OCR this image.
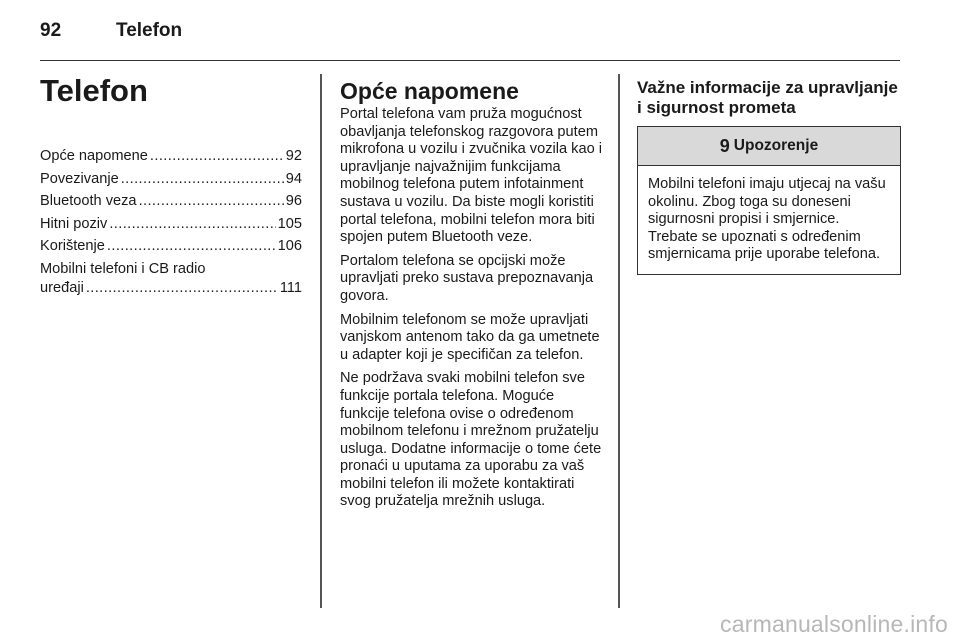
92	Telefon
Telefon
Opće napomene .....	92
Povezivanje .....	94
Bluetooth veza .....	96
Hitni poziv .....	105
Korištenje .....	106
Mobilni telefoni i CB radio
uređaji .....	111
Opće napomene

Portal telefona vam pruža mogućnost obavljanja telefonskog razgovora putem mikrofona u vozilu i zvučnika vozila kao i upravljanje najvažnijim funkcijama mobilnog telefona putem infotainment sustava u vozilu. Da biste mogli koristiti portal telefona, mobilni telefon mora biti spojen putem Bluetooth veze.

Portalom telefona se opcijski može upravljati preko sustava prepoznavanja govora.

Mobilnim telefonom se može upravljati vanjskom antenom tako da ga umetnete u adapter koji je specifičan za telefon.

Ne podržava svaki mobilni telefon sve funkcije portala telefona. Moguće funkcije telefona ovise o određenom mobilnom telefonu i mrežnom pružatelju usluga. Dodatne informacije o tome ćete pronaći u uputama za uporabu za vaš mobilni telefon ili možete kontaktirati svog pružatelja mrežnih usluga.

Važne informacije za upravljanje i sigurnost prometa
9 Upozorenje
Mobilni telefoni imaju utjecaj na vašu okolinu. Zbog toga su doneseni sigurnosni propisi i smjernice. Trebate se upoznati s određenim smjernicama prije uporabe telefona.
carmanualsonline.info
